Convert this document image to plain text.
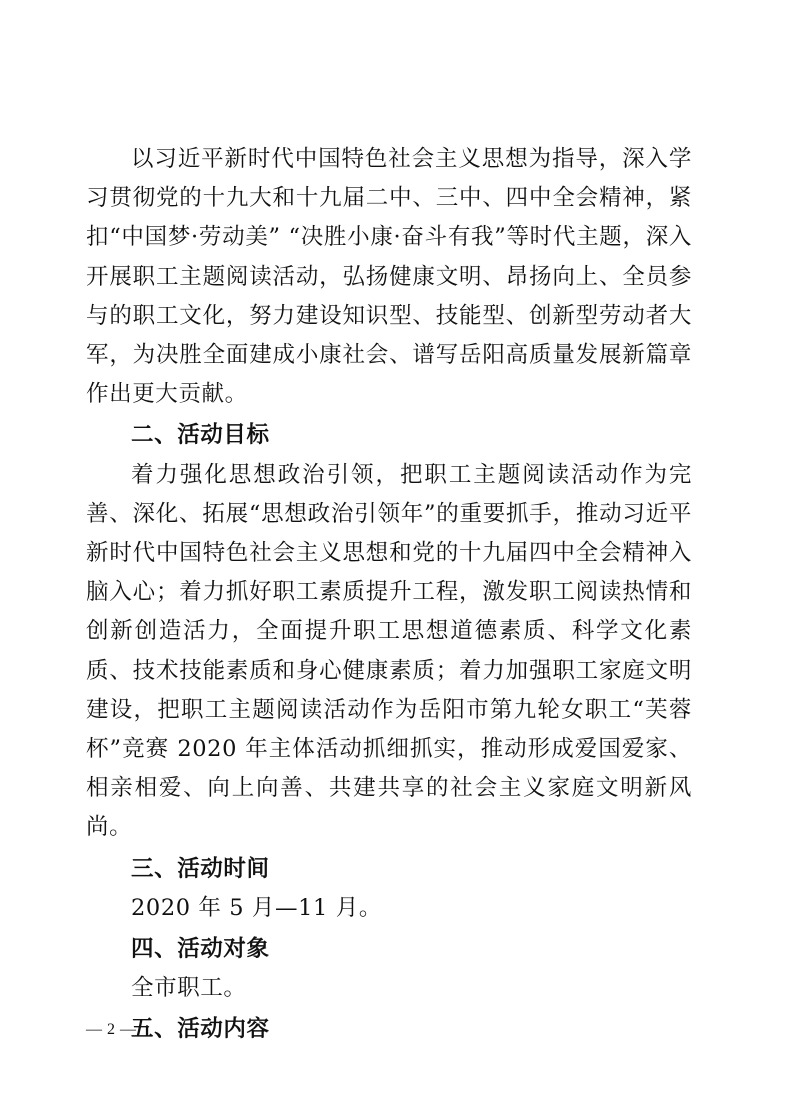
以习近平新时代中国特色社会主义思想为指导，深入学习贯彻党的十九大和十九届二中、三中、四中全会精神，紧扣“中国梦·劳动美” “决胜小康·奋斗有我”等时代主题，深入开展职工主题阅读活动，弘扬健康文明、昂扬向上、全员参与的职工文化，努力建设知识型、技能型、创新型劳动者大军，为决胜全面建成小康社会、谱写岳阳高质量发展新篇章作出更大贡献。

二、活动目标

着力强化思想政治引领，把职工主题阅读活动作为完善、深化、拓展“思想政治引领年”的重要抓手，推动习近平新时代中国特色社会主义思想和党的十九届四中全会精神入脑入心；着力抓好职工素质提升工程，激发职工阅读热情和创新创造活力，全面提升职工思想道德素质、科学文化素质、技术技能素质和身心健康素质；着力加强职工家庭文明建设，把职工主题阅读活动作为岳阳市第九轮女职工“芙蓉杯”竞赛 2020 年主体活动抓细抓实，推动形成爱国爱家、相亲相爱、向上向善、共建共享的社会主义家庭文明新风尚。

三、活动时间

2020 年 5 月—11 月。

四、活动对象

全市职工。

五、活动内容

— 2 —
